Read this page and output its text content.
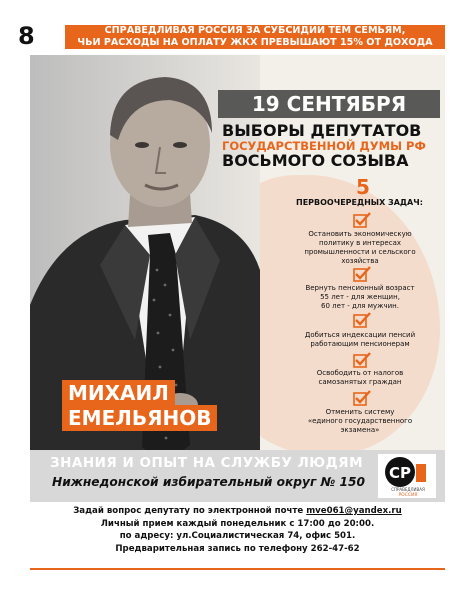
8	СПРАВЕДЛИВАЯ РОССИЯ ЗА СУБСИДИИ ТЕМ СЕМЬЯМ,
ЧЬИ РАСХОДЫ НА ОПЛАТУ ЖКХ ПРЕВЫШАЮТ 15% ОТ ДОХОДА
19 СЕНТЯБРЯ
ВЫБОРЫ ДЕПУТАТОВ
ГОСУДАРСТВЕННОЙ ДУМЫ РФ
ВОСЬМОГО СОЗЫВА
5
ПЕРВООЧЕРЕДНЫХ ЗАДАЧ:
Остановить экономическую
политику в интересах
промышленности и сельского
хозяйства
Вернуть пенсионный возраст
55 лет - для женщин,
60 лет - для мужчин.
Добиться индексации пенсий
работающим пенсионерам
Освободить от налогов
самозанятых граждан
Отменить систему
«единого государственного
экзамена»
МИХАИЛ
ЕМЕЛЬЯНОВ
ЗНАНИЯ И ОПЫТ НА СЛУЖБУ ЛЮДЯМ
Нижнедонской избирательный округ № 150 СР
СПРАВЕДЛИВАЯ
РОССИЯ
Задай вопрос депутату по электронной почте mve061@yandex.ru
Личный прием каждый понедельник с 17:00 до 20:00.
по адресу: ул.Социалистическая 74, офис 501.
Предварительная запись по телефону 262-47-62
